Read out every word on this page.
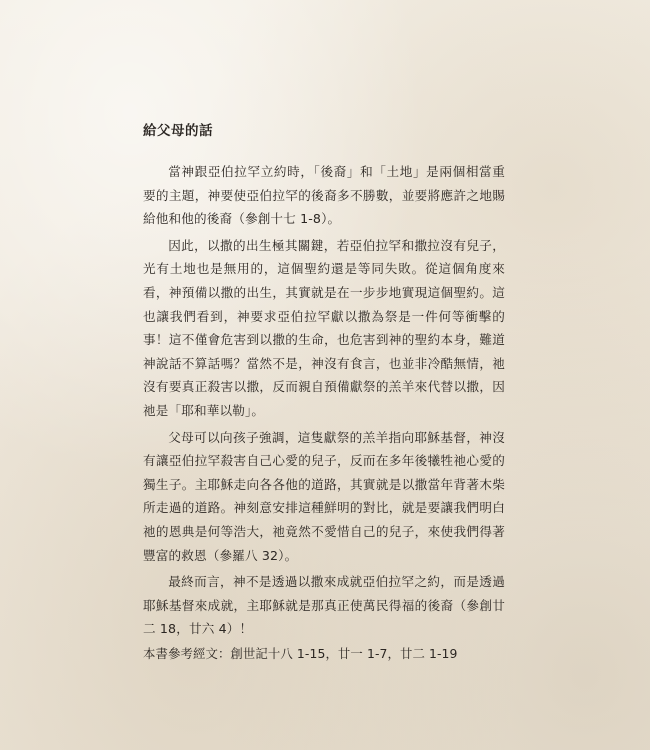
給父母的話

當神跟亞伯拉罕立約時，「後裔」和「土地」是兩個相當重要的主題，神要使亞伯拉罕的後裔多不勝數，並要將應許之地賜給他和他的後裔（參創十七 1-8）。

因此，以撒的出生極其關鍵，若亞伯拉罕和撒拉沒有兒子，光有土地也是無用的，這個聖約還是等同失敗。從這個角度來看，神預備以撒的出生，其實就是在一步步地實現這個聖約。這也讓我們看到，神要求亞伯拉罕獻以撒為祭是一件何等衝擊的事！這不僅會危害到以撒的生命，也危害到神的聖約本身，難道神說話不算話嗎？當然不是，神沒有食言，也並非冷酷無情，祂沒有要真正殺害以撒，反而親自預備獻祭的羔羊來代替以撒，因祂是「耶和華以勒」。

父母可以向孩子強調，這隻獻祭的羔羊指向耶穌基督，神沒有讓亞伯拉罕殺害自己心愛的兒子，反而在多年後犧牲祂心愛的獨生子。主耶穌走向各各他的道路，其實就是以撒當年背著木柴所走過的道路。神刻意安排這種鮮明的對比，就是要讓我們明白祂的恩典是何等浩大，祂竟然不愛惜自己的兒子，來使我們得著豐富的救恩（參羅八 32）。

最終而言，神不是透過以撒來成就亞伯拉罕之約，而是透過耶穌基督來成就，主耶穌就是那真正使萬民得福的後裔（參創廿二 18，廿六 4）！

本書參考經文：創世記十八 1-15，廿一 1-7，廿二 1-19
